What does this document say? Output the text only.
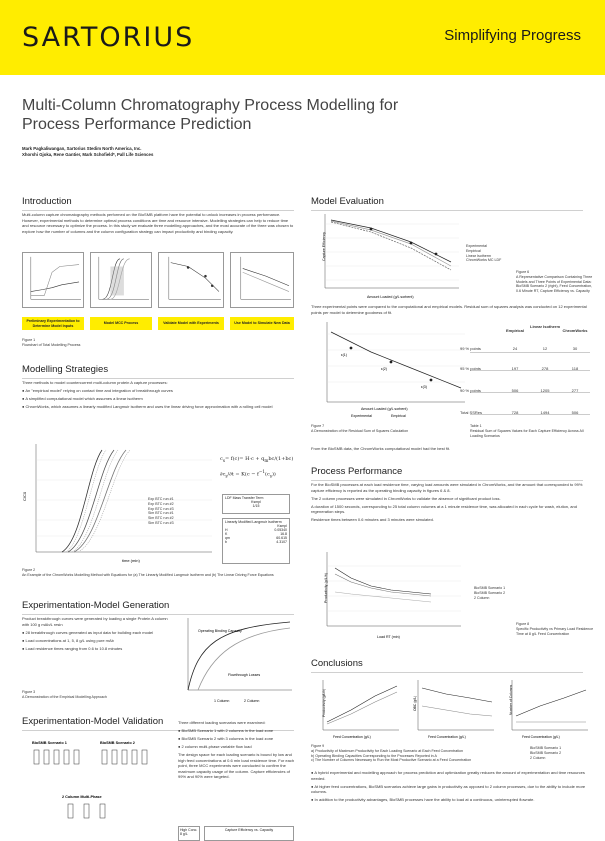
SARTORIUS	Simplifying Progress
Multi-Column Chromatography Process Modelling for Process Performance Prediction
Mark Pagkaliwangan, Sartorius Stedim North America, Inc.
Xhorshi Gjoka, Rene Gantier, Mark Schofield*, Pall Life Sciences
Introduction
Multi-column capture chromatography methods performed on the BioSMB platform have the potential to unlock increases in process performance. However, experimental methods to determine optimal process conditions are time and resource intensive. Modelling strategies can help to reduce time and resource necessary to optimize the process. In this study we evaluate three modelling approaches, and the most accurate of the three was chosen to explore how the number of columns and the column configuration strategy can impact productivity and binding capacity.
Preliminary Experimentation to Determine Model Inputs
Model MCC Process	Validate Model with Experiments	Use Model to Simulate New Data
Figure 1
Flowchart of Total Modelling Process
Modelling Strategies

Three methods to model countercurrent multi-column protein A capture processes:

● An "empirical model" relying on contact time and integration of breakthrough curves

● A simplified computational model which assumes a linear isotherm

● ChromWorks, which assumes a linearly modified Langmuir isotherm and uses the linear driving force approximation with a rolling cell model

C/C0
time (min)
Exp BTC run #1
Exp BTC run #2
Exp BTC run #3
Sim BTC run #1
Sim BTC run #2
Sim BTC run #3
$c_s= f(c)= H\cdot c + q_mbc/(1+bc)$
$\partial c_s/\partial t = K(c - f^{-1}(c_s))$
LDF Mass Transfer Term
Ksmpl
1/15
Linearly Modified Langmuir Isotherm
Ksmpl
H	0.05340
K	16.8
qm	60.615
b	4.3107
Figure 2
An Example of the ChromWorks Modelling Method with Equations for (a) The Linearly Modified Langmuir Isotherm and (b) The Linear Driving Force Equations
Experimentation-Model Generation

Product breakthrough curves were generated by loading a single Protein A column with 100 g mAb/L resin

● 28 breakthrough curves generated as input data for building each model

● Load concentrations at 1, 5, 8 g/L using pure mAb

● Load residence times ranging from 0.6 to 10.8 minutes

Operating Binding Capacity
Flowthrough Losses
1 Column	2 Column
Figure 3
A Demonstration of the Empirical Modelling Approach
Experimentation-Model Validation
BioSMB Scenario 1	BioSMB Scenario 2
2 Column Multi-Phase

Three different loading scenarios were examined:

● BioSMB Scenario 1 with 2 columns in the load zone

● BioSMB Scenario 2 with 3 columns in the load zone

● 2 column multi-phase variable flow load

The design space for each loading scenario is bound by low and high feed concentrations at 0.6 min load residence time. For each point, three MCC experiments were conducted to confirm the maximum capacity usage of the column. Capture efficiencies of 99% and 90% were targeted.

High Conc. 8 g/L
Capture Efficiency vs. Capacity
Model Evaluation
Capture Efficiency
Amount Loaded (g/L sorbent)
Experimental
Empirical
Linear Isotherm
ChromWorks MC LDF
Figure 6
A Representative Comparison Containing Three Models and Three Points of Experimental Data: BioSMB Scenario 2 (right), Feed Concentration, 0.6 Minute RT, Capture Efficiency vs. Capacity
Three experimental points were compared to the computational and empirical models. Residual sum of squares analysis was conducted on 12 experimental points per model to determine goodness of fit.
ε(1)
ε(2)
ε(3)
Amount Loaded (g/L sorbent)
Experimental	Empirical
Figure 7
A Demonstration of the Residual Sum of Squares Calculation
Empirical
Linear Isotherm
ChromWorks
99 % points	24	12	30
95 % points	197	278	118
90 % points	506	1205	277
Total SSRes	728	1494	506
Table 1
Residual Sum of Squares Values for Each Capture Efficiency Across All Loading Scenarios
From the BioSMB data, the ChromWorks computational model had the best fit.
Process Performance

For the BioSMB processes at each load residence time, varying load amounts were simulated in ChromWorks, and the amount that corresponded to 99% capture efficiency is reported as the operating binding capacity in figures 6 & 8.

The 2 column processes were simulated in ChromWorks to validate the absence of significant product loss.

A duration of 1500 seconds, corresponding to 25 total column volumes at a 1 minute residence time, was allocated in each cycle for wash, elution, and regeneration steps.

Residence times between 0.6 minutes and 3 minutes were simulated.

Productivity (g/L/h)
Load RT (min)
BioSMB Scenario 1
BioSMB Scenario 2
2 Column
Figure 8
Specific Productivity vs Primary Load Residence Time at 8 g/L Feed Concentration
Conclusions
Productivity (g/L/h)
Feed Concentration (g/L)
OBC (g/L)
Feed Concentration (g/L)
Number of Columns
Feed Concentration (g/L)
Figure 9
a) Productivity of Maximum Productivity for Each Loading Scenario at Each Feed Concentration
b) Operating Binding Capacities Corresponding to the Processes Reported in A
c) The Number of Columns Necessary to Run the Most Productive Scenario at a Feed Concentration
BioSMB Scenario 1
BioSMB Scenario 2
2 Column

● A hybrid experimental and modelling approach for process prediction and optimization greatly reduces the amount of experimentation and time resources needed.

● At higher feed concentrations, BioSMB scenarios achieve large gains in productivity as opposed to 2 column processes, due to the ability to include more columns.

● In addition to the productivity advantages, BioSMB processes have the ability to load at a continuous, uninterrupted flowrate.
